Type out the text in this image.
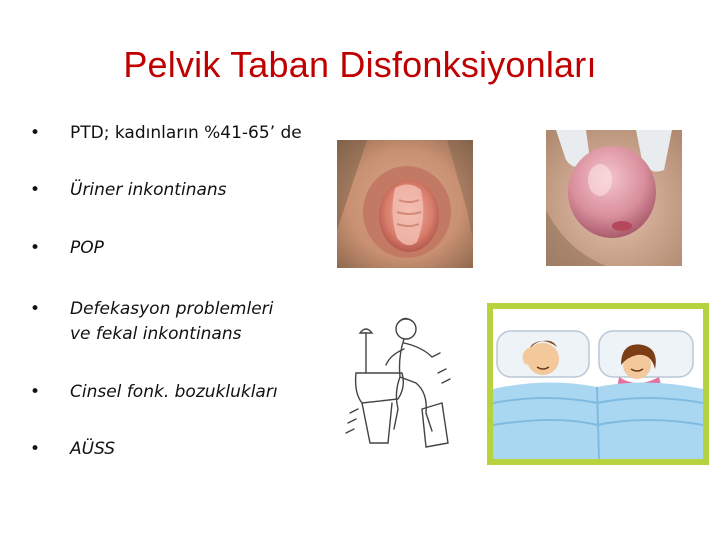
Pelvik Taban Disfonksiyonları
• PTD; kadınların %41-65’ de
• Üriner inkontinans
• POP
• Defekasyon problemleri
ve fekal inkontinans
• Cinsel fonk. bozuklukları
• AÜSS
